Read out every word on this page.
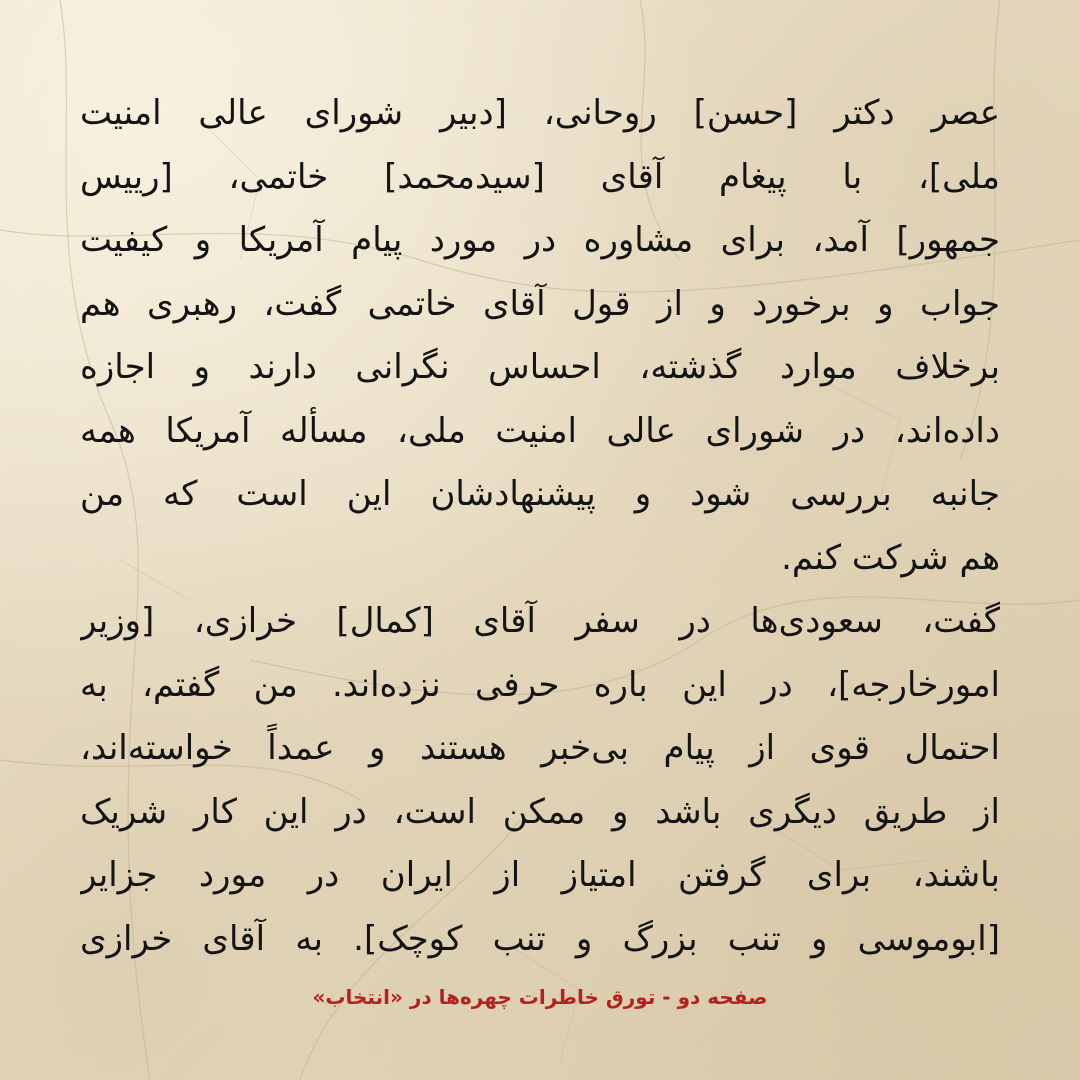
عصر دکتر [حسن] روحانی، [دبیر شورای عالی امنیت
ملی]، با پیغام آقای [سیدمحمد] خاتمی، [رییس
جمهور] آمد، برای مشاوره در مورد پیام آمریکا و کیفیت
جواب و برخورد و از قول آقای خاتمی گفت، رهبری هم
برخلاف موارد گذشته، احساس نگرانی دارند و اجازه
داده‌اند، در شورای عالی امنیت ملی، مسأله آمریکا همه
جانبه بررسی شود و پیشنهادشان این است که من
هم شرکت کنم.
گفت، سعودی‌ها در سفر آقای [کمال] خرازی، [وزیر
امورخارجه]، در این باره حرفی نزده‌اند. من گفتم، به
احتمال قوی از پیام بی‌خبر هستند و عمداً خواسته‌اند،
از طریق دیگری باشد و ممکن است، در این کار شریک
باشند، برای گرفتن امتیاز از ایران در مورد جزایر
[ابوموسی و تنب بزرگ و تنب کوچک]. به آقای خرازی
صفحه دو - تورق خاطرات چهره‌ها در «انتخاب»
